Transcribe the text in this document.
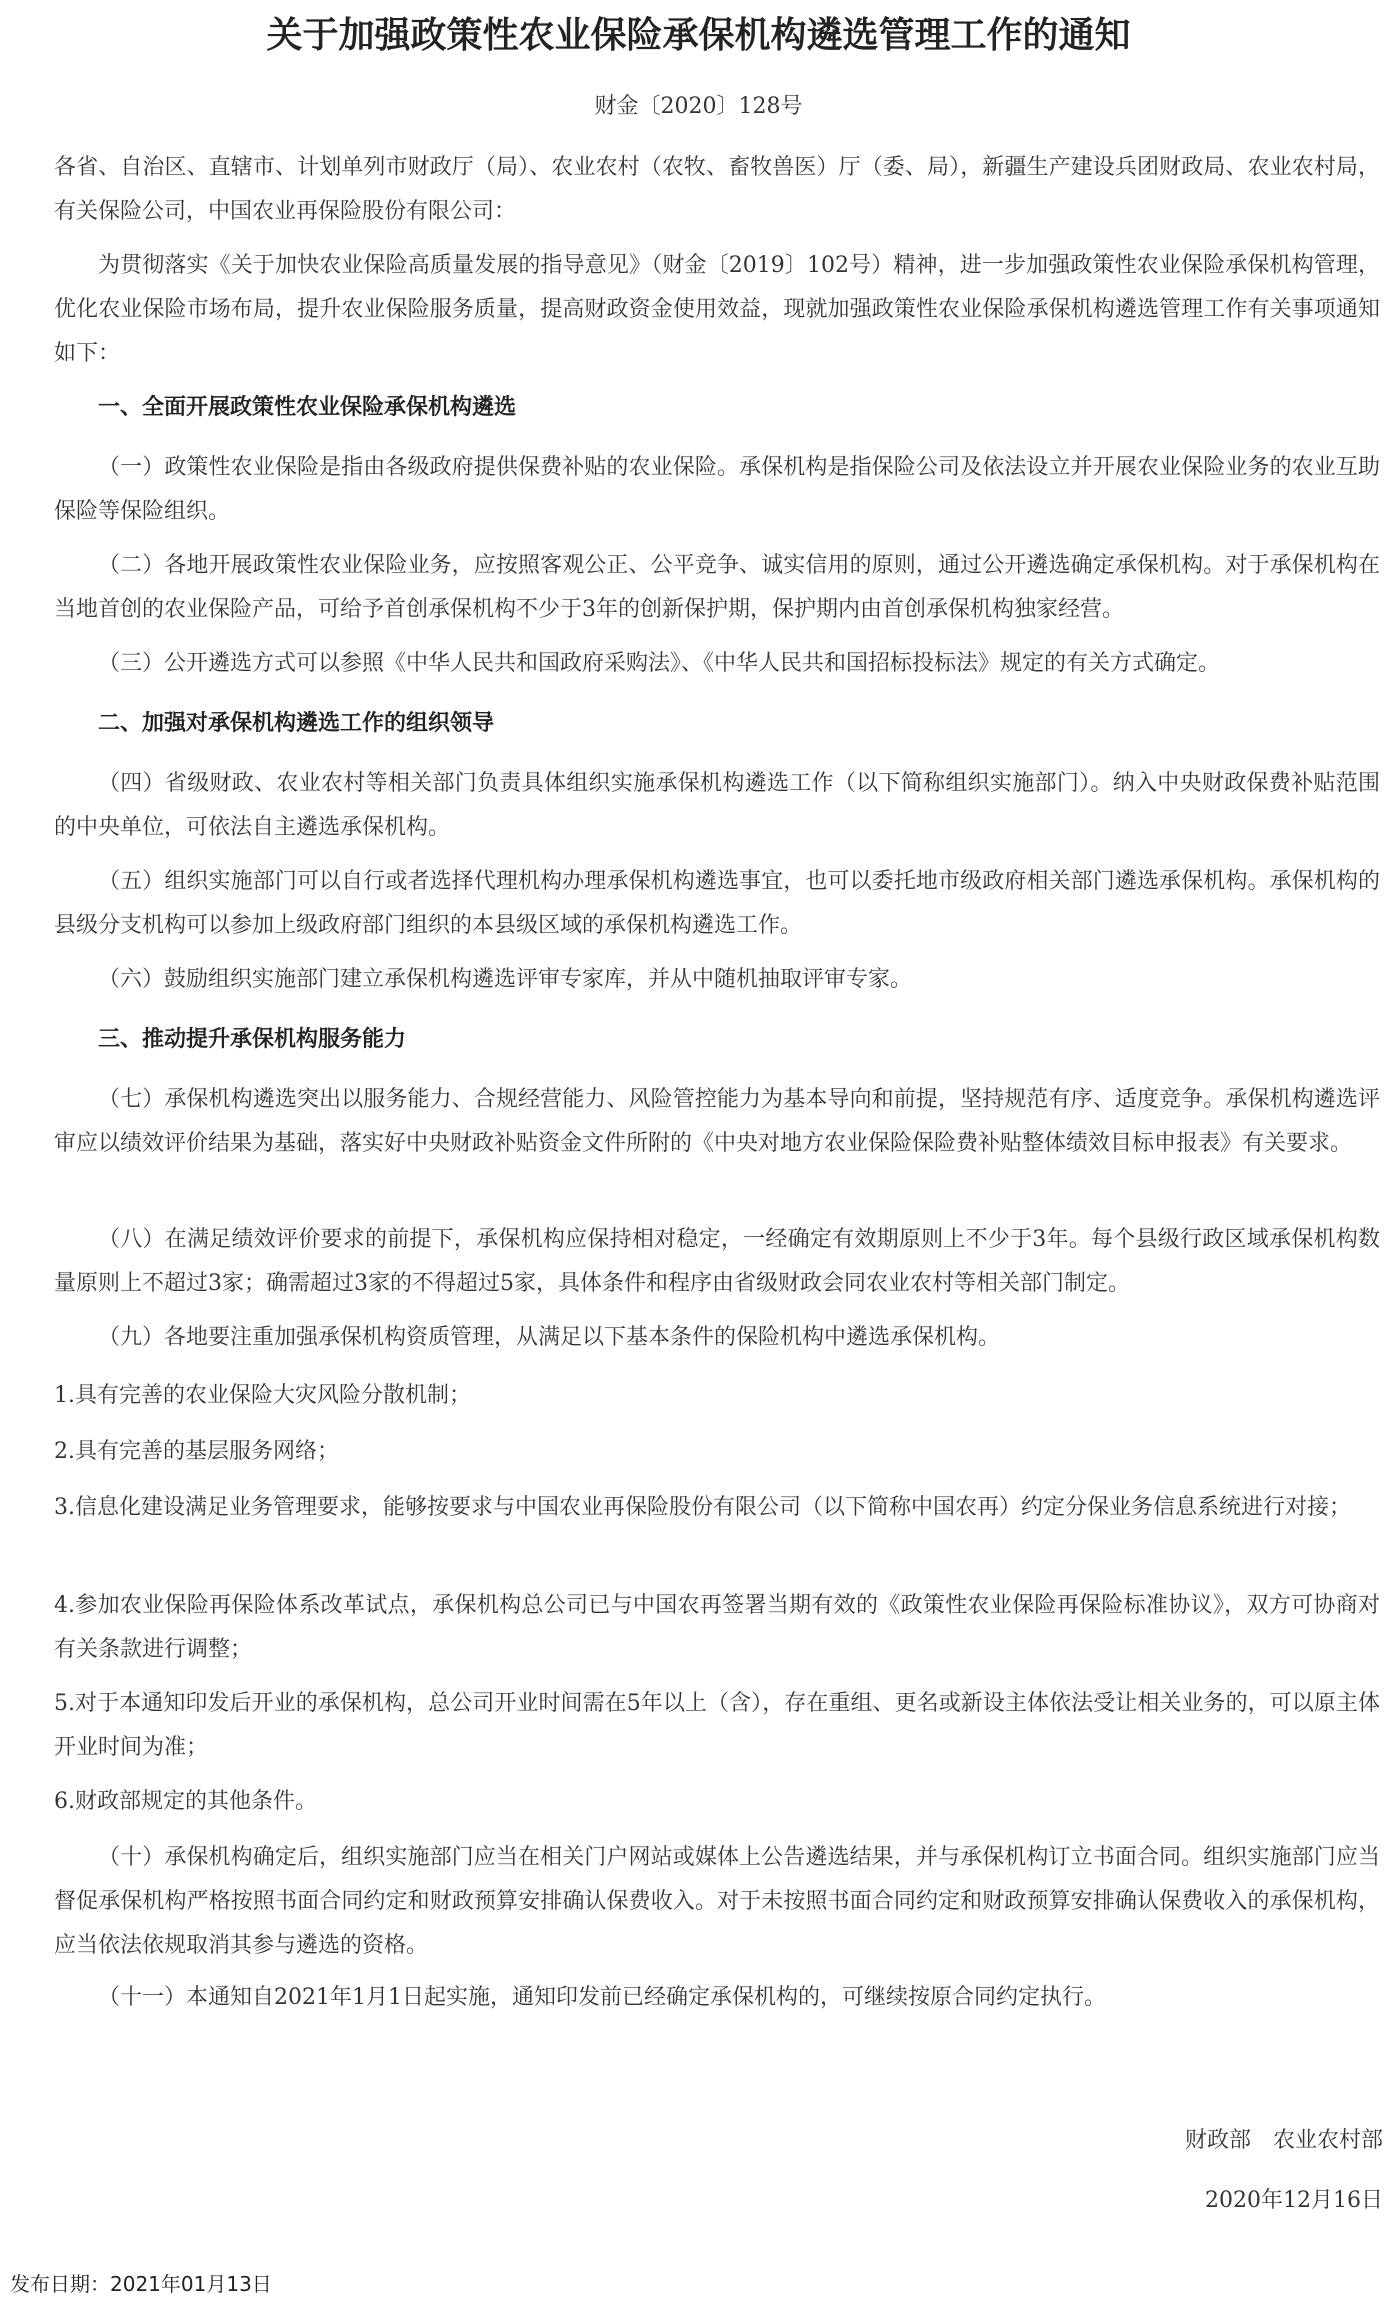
关于加强政策性农业保险承保机构遴选管理工作的通知
财金〔2020〕128号

各省、自治区、直辖市、计划单列市财政厅（局）、农业农村（农牧、畜牧兽医）厅（委、局），新疆生产建设兵团财政局、农业农村局，有关保险公司，中国农业再保险股份有限公司：

为贯彻落实《关于加快农业保险高质量发展的指导意见》（财金〔2019〕102号）精神，进一步加强政策性农业保险承保机构管理，优化农业保险市场布局，提升农业保险服务质量，提高财政资金使用效益，现就加强政策性农业保险承保机构遴选管理工作有关事项通知如下：

一、全面开展政策性农业保险承保机构遴选

（一）政策性农业保险是指由各级政府提供保费补贴的农业保险。承保机构是指保险公司及依法设立并开展农业保险业务的农业互助保险等保险组织。

（二）各地开展政策性农业保险业务，应按照客观公正、公平竞争、诚实信用的原则，通过公开遴选确定承保机构。对于承保机构在当地首创的农业保险产品，可给予首创承保机构不少于3年的创新保护期，保护期内由首创承保机构独家经营。

（三）公开遴选方式可以参照《中华人民共和国政府采购法》、《中华人民共和国招标投标法》规定的有关方式确定。

二、加强对承保机构遴选工作的组织领导

（四）省级财政、农业农村等相关部门负责具体组织实施承保机构遴选工作（以下简称组织实施部门）。纳入中央财政保费补贴范围的中央单位，可依法自主遴选承保机构。

（五）组织实施部门可以自行或者选择代理机构办理承保机构遴选事宜，也可以委托地市级政府相关部门遴选承保机构。承保机构的县级分支机构可以参加上级政府部门组织的本县级区域的承保机构遴选工作。

（六）鼓励组织实施部门建立承保机构遴选评审专家库，并从中随机抽取评审专家。

三、推动提升承保机构服务能力

（七）承保机构遴选突出以服务能力、合规经营能力、风险管控能力为基本导向和前提，坚持规范有序、适度竞争。承保机构遴选评审应以绩效评价结果为基础，落实好中央财政补贴资金文件所附的《中央对地方农业保险保险费补贴整体绩效目标申报表》有关要求。

（八）在满足绩效评价要求的前提下，承保机构应保持相对稳定，一经确定有效期原则上不少于3年。每个县级行政区域承保机构数量原则上不超过3家；确需超过3家的不得超过5家，具体条件和程序由省级财政会同农业农村等相关部门制定。

（九）各地要注重加强承保机构资质管理，从满足以下基本条件的保险机构中遴选承保机构。

1.具有完善的农业保险大灾风险分散机制；

2.具有完善的基层服务网络；

3.信息化建设满足业务管理要求，能够按要求与中国农业再保险股份有限公司（以下简称中国农再）约定分保业务信息系统进行对接；

4.参加农业保险再保险体系改革试点，承保机构总公司已与中国农再签署当期有效的《政策性农业保险再保险标准协议》，双方可协商对有关条款进行调整；

5.对于本通知印发后开业的承保机构，总公司开业时间需在5年以上（含），存在重组、更名或新设主体依法受让相关业务的，可以原主体开业时间为准；

6.财政部规定的其他条件。

（十）承保机构确定后，组织实施部门应当在相关门户网站或媒体上公告遴选结果，并与承保机构订立书面合同。组织实施部门应当督促承保机构严格按照书面合同约定和财政预算安排确认保费收入。对于未按照书面合同约定和财政预算安排确认保费收入的承保机构，应当依法依规取消其参与遴选的资格。

（十一）本通知自2021年1月1日起实施，通知印发前已经确定承保机构的，可继续按原合同约定执行。

财政部　农业农村部
2020年12月16日
发布日期：2021年01月13日
